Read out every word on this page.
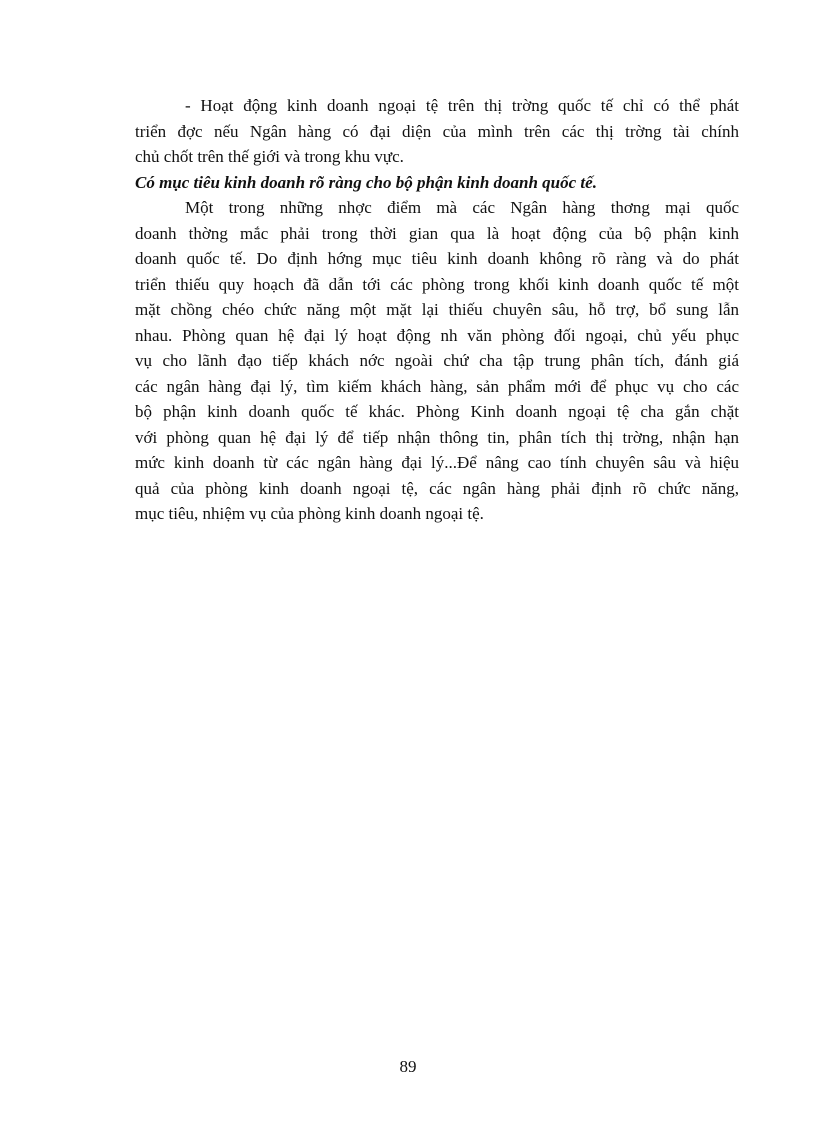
- Hoạt động kinh doanh ngoại tệ trên thị trờng quốc tế chỉ có thể phát
triển đợc nếu Ngân hàng có đại diện của mình trên các thị trờng tài chính
chủ chốt trên thế giới và trong khu vực.
Có mục tiêu kinh doanh rõ ràng cho bộ phận kinh doanh quốc tế.
Một trong những nhợc điểm mà các Ngân hàng thơng mại quốc
doanh thờng mắc phải trong thời gian qua là hoạt động của bộ phận kinh
doanh quốc tế. Do định hớng mục tiêu kinh doanh không rõ ràng và do phát
triển thiếu quy hoạch đã dẫn tới các phòng trong khối kinh doanh quốc tế một
mặt chồng chéo chức năng một mặt lại thiếu chuyên sâu, hỗ trợ, bổ sung lẫn
nhau. Phòng quan hệ đại lý hoạt động nh văn phòng đối ngoại, chủ yếu phục
vụ cho lãnh đạo tiếp khách nớc ngoài chứ cha tập trung phân tích, đánh giá
các ngân hàng đại lý, tìm kiếm khách hàng, sản phẩm mới để phục vụ cho các
bộ phận kinh doanh quốc tế khác. Phòng Kinh doanh ngoại tệ cha gắn chặt
với phòng quan hệ đại lý để tiếp nhận thông tin, phân tích thị trờng, nhận hạn
mức kinh doanh từ các ngân hàng đại lý...Để nâng cao tính chuyên sâu và hiệu
quả của phòng kinh doanh ngoại tệ, các ngân hàng phải định rõ chức năng,
mục tiêu, nhiệm vụ của phòng kinh doanh ngoại tệ.
89
